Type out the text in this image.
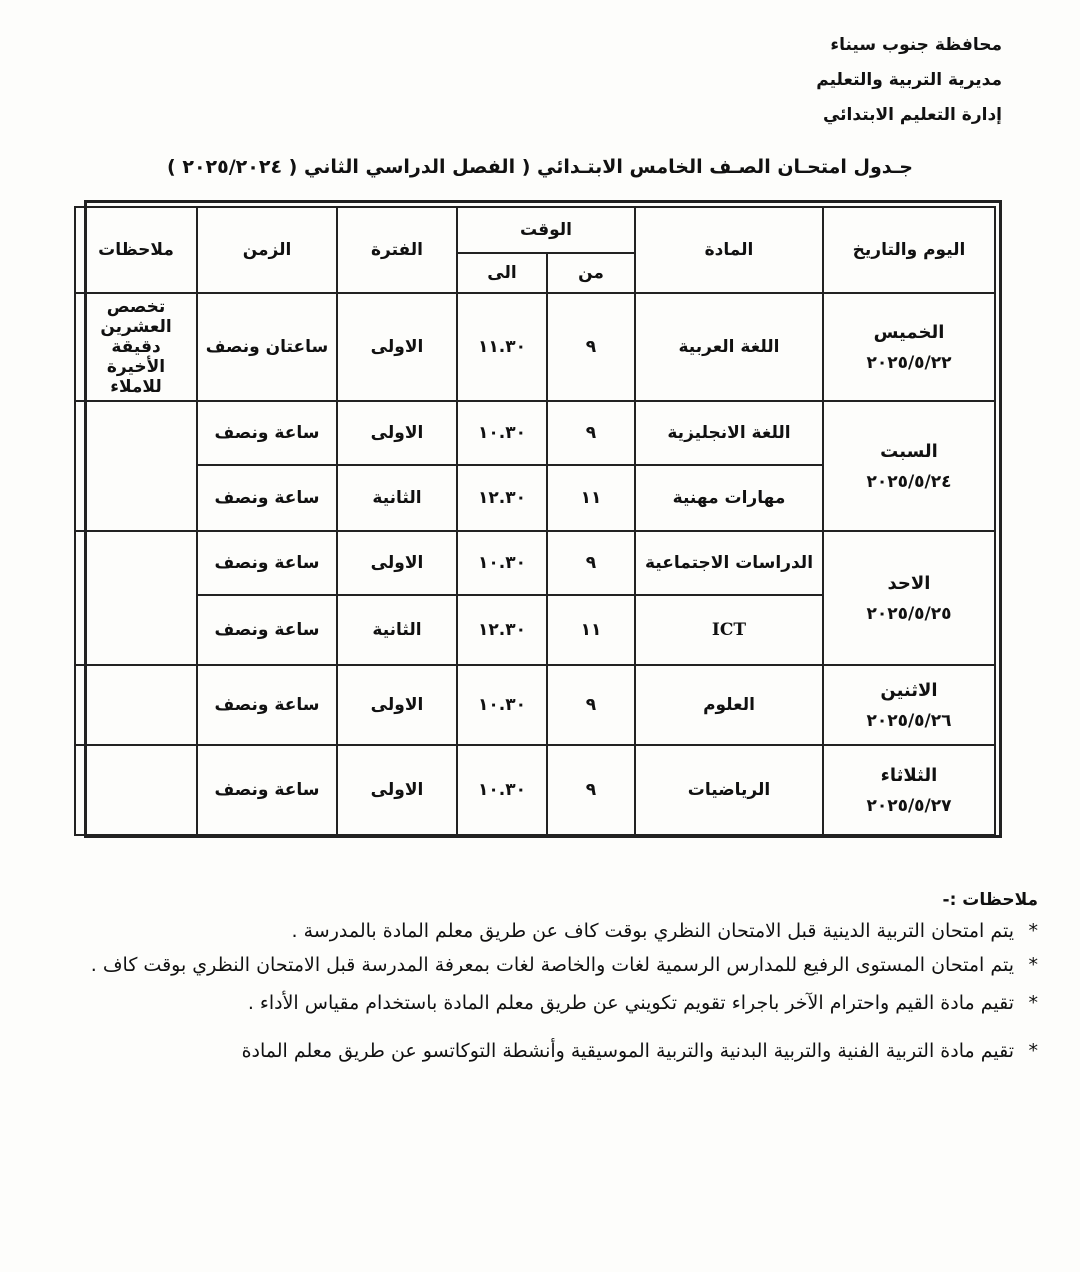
محافظة جنوب سيناء
مديرية التربية والتعليم
إدارة التعليم الابتدائي
جـدول امتحـان الصـف الخامس الابتـدائي ( الفصل الدراسي الثاني ( ٢٠٢٥/٢٠٢٤ )
اليوم والتاريخ	المادة	الوقت		الفترة	الزمن	ملاحظات
		من	الى			

الخميس
٢٠٢٥/٥/٢٢	اللغة العربية	٩	١١.٣٠	الاولى	ساعتان ونصف	تخصص العشرين دقيقة الأخيرة للاملاء

السبت
٢٠٢٥/٥/٢٤	اللغة الانجليزية	٩	١٠.٣٠	الاولى	ساعة ونصف	
	مهارات مهنية	١١	١٢.٣٠	الثانية	ساعة ونصف	

الاحد
٢٠٢٥/٥/٢٥	الدراسات الاجتماعية	٩	١٠.٣٠	الاولى	ساعة ونصف	
	ICT	١١	١٢.٣٠	الثانية	ساعة ونصف	

الاثنين
٢٠٢٥/٥/٢٦	العلوم	٩	١٠.٣٠	الاولى	ساعة ونصف	

الثلاثاء
٢٠٢٥/٥/٢٧	الرياضيات	٩	١٠.٣٠	الاولى	ساعة ونصف	
ملاحظات :-
*
يتم امتحان التربية الدينية قبل الامتحان النظري بوقت كاف عن طريق معلم المادة بالمدرسة .
*
يتم امتحان المستوى الرفيع للمدارس الرسمية لغات والخاصة لغات بمعرفة المدرسة قبل الامتحان النظري بوقت كاف .
*
تقيم مادة القيم واحترام الآخر باجراء تقويم تكويني عن طريق معلم المادة باستخدام مقياس الأداء .
*
تقيم مادة التربية الفنية والتربية البدنية والتربية الموسيقية وأنشطة التوكاتسو عن طريق معلم المادة
